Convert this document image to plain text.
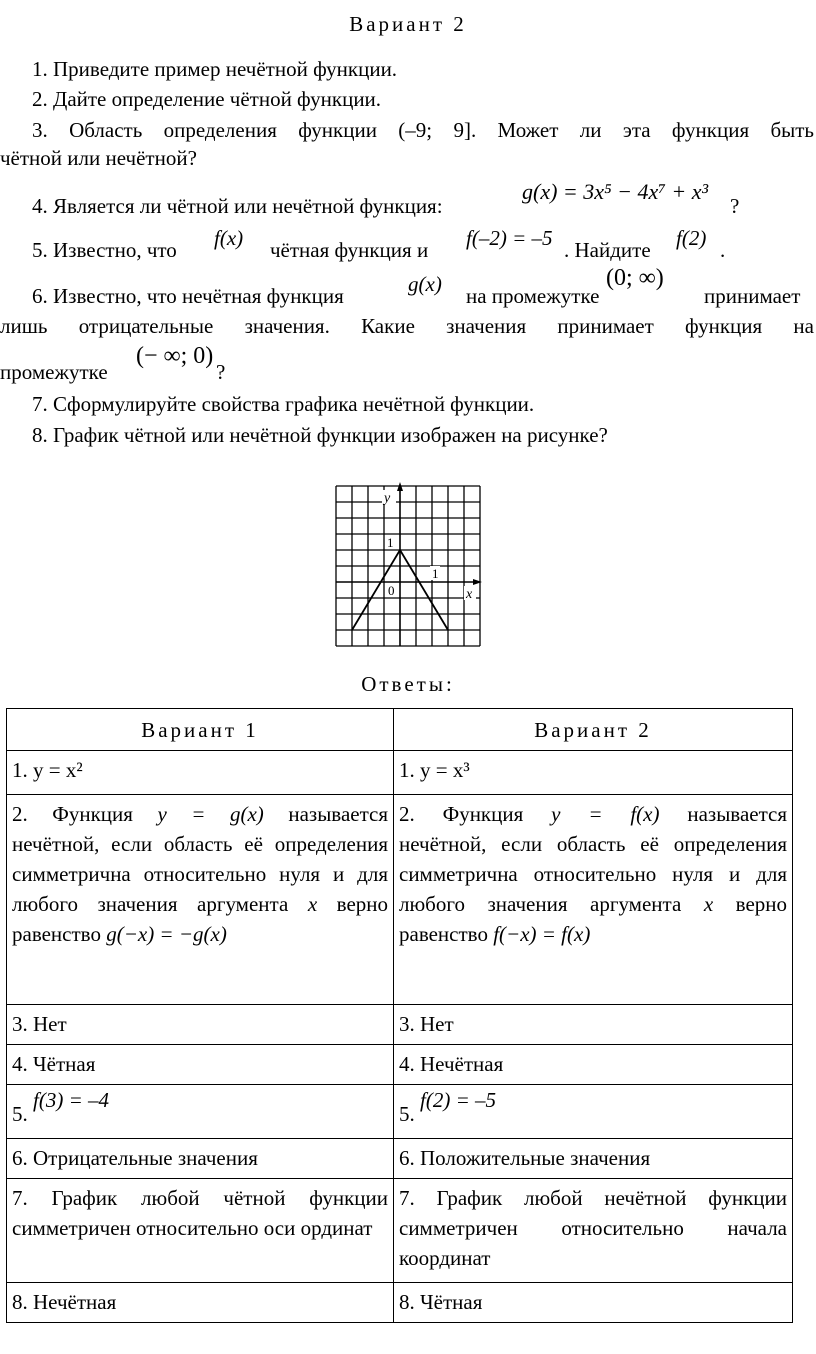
Вариант 2
1. Приведите пример нечётной функции.
2. Дайте определение чётной функции.
3. Область определения функции (–9; 9]. Может ли эта функция быть
чётной или нечётной?
4. Является ли чётной или нечётной функция:
g(x) = 3x⁵ − 4x⁷ + x³
?
5. Известно, что f(x) чётная функция и f(–2) = –5 . Найдите f(2) .
6. Известно, что нечётная функция	g(x) на промежутке
(0; ∞)
принимает
лишь отрицательные значения. Какие значения принимает функция на
промежутке
(− ∞; 0)
?
7. Сформулируйте свойства графика нечётной функции.
8. График чётной или нечётной функции изображен на рисунке?
y
1
1
0	x
Ответы:
Вариант 1	Вариант 2
1. y = x²	1. y = x³

2. Функция y = g(x) называется
нечётной, если область её определения симметрична относительно нуля и для любого значения аргумента x верно
равенство g(−x) = −g(x)	2. Функция y = f(x) называется
нечётной, если область её определения симметрична относительно нуля и для любого значения аргумента x верно
равенство f(−x) = f(x)
3. Нет	3. Нет
4. Чётная	4. Нечётная
5. f(3) = –4	5. f(2) = –5
6. Отрицательные значения	6. Положительные значения
7. График любой чётной функции симметричен относительно оси ординат	7. График любой нечётной функции симметричен относительно начала координат
8. Нечётная	8. Чётная
